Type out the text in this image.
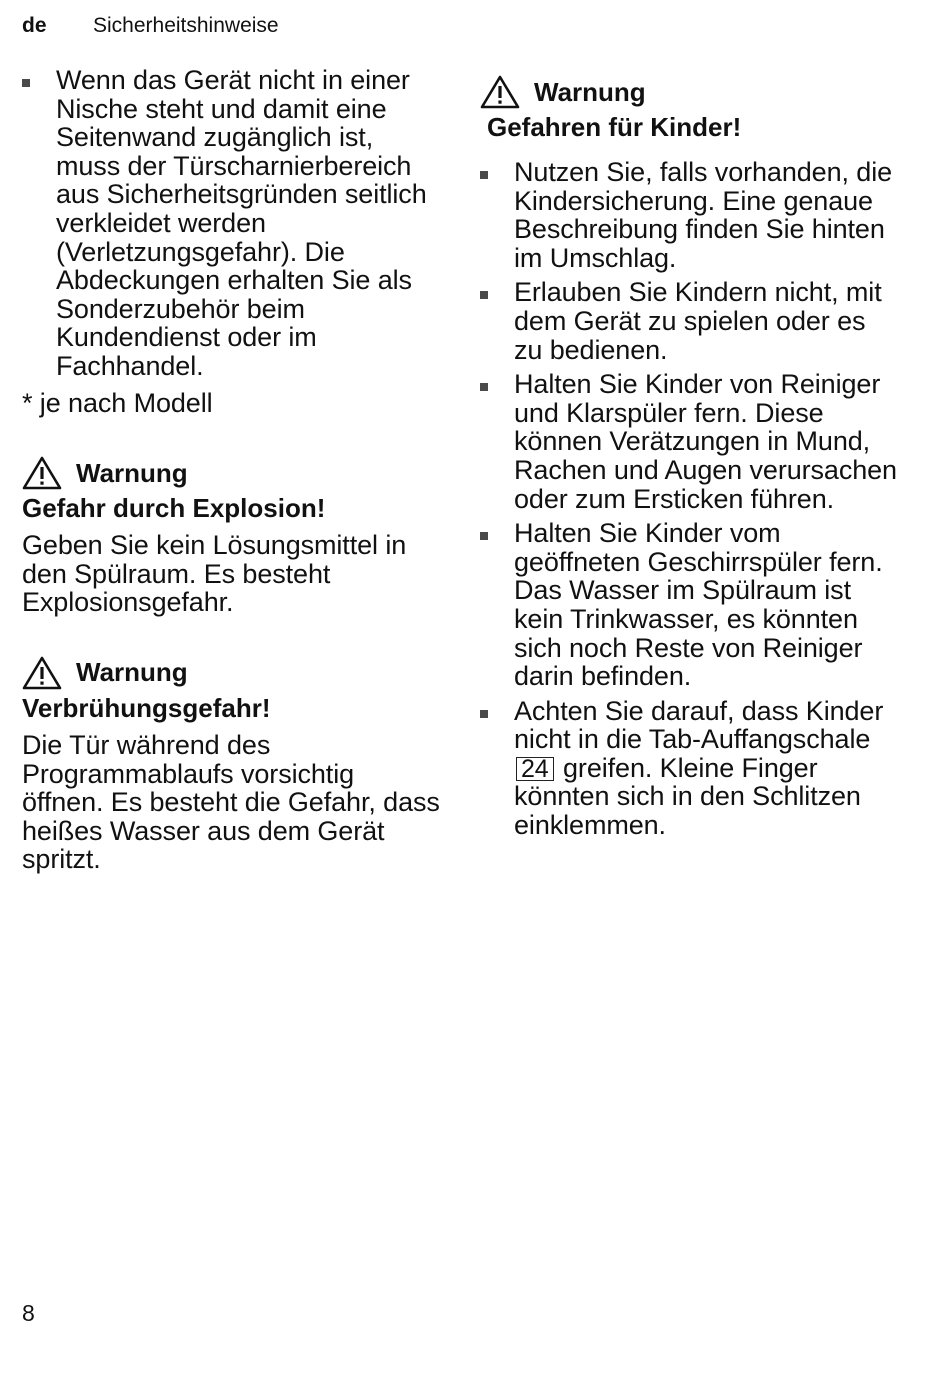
de Sicherheitshinweise
Wenn das Gerät nicht in einer Nische steht und damit eine Seitenwand zugänglich ist, muss der Türscharnierbereich aus Sicherheitsgründen seitlich verkleidet werden (Verletzungsgefahr). Die Abdeckungen erhalten Sie als Sonderzubehör beim Kundendienst oder im Fachhandel.
* je nach Modell
Warnung
Gefahr durch Explosion!
Geben Sie kein Lösungsmittel in den Spülraum. Es besteht Explosionsgefahr.
Warnung
Verbrühungsgefahr!
Die Tür während des Programmablaufs vorsichtig öffnen. Es besteht die Gefahr, dass heißes Wasser aus dem Gerät spritzt.
Warnung
Gefahren für Kinder!
Nutzen Sie, falls vorhanden, die Kindersicherung. Eine genaue Beschreibung finden Sie hinten im Umschlag.
Erlauben Sie Kindern nicht, mit dem Gerät zu spielen oder es zu bedienen.
Halten Sie Kinder von Reiniger und Klarspüler fern. Diese können Verätzungen in Mund, Rachen und Augen verursachen oder zum Ersticken führen.
Halten Sie Kinder vom geöffneten Geschirrspüler fern. Das Wasser im Spülraum ist kein Trinkwasser, es könnten sich noch Reste von Reiniger darin befinden.
Achten Sie darauf, dass Kinder nicht in die Tab-Auffangschale 24 greifen. Kleine Finger könnten sich in den Schlitzen einklemmen.
8
